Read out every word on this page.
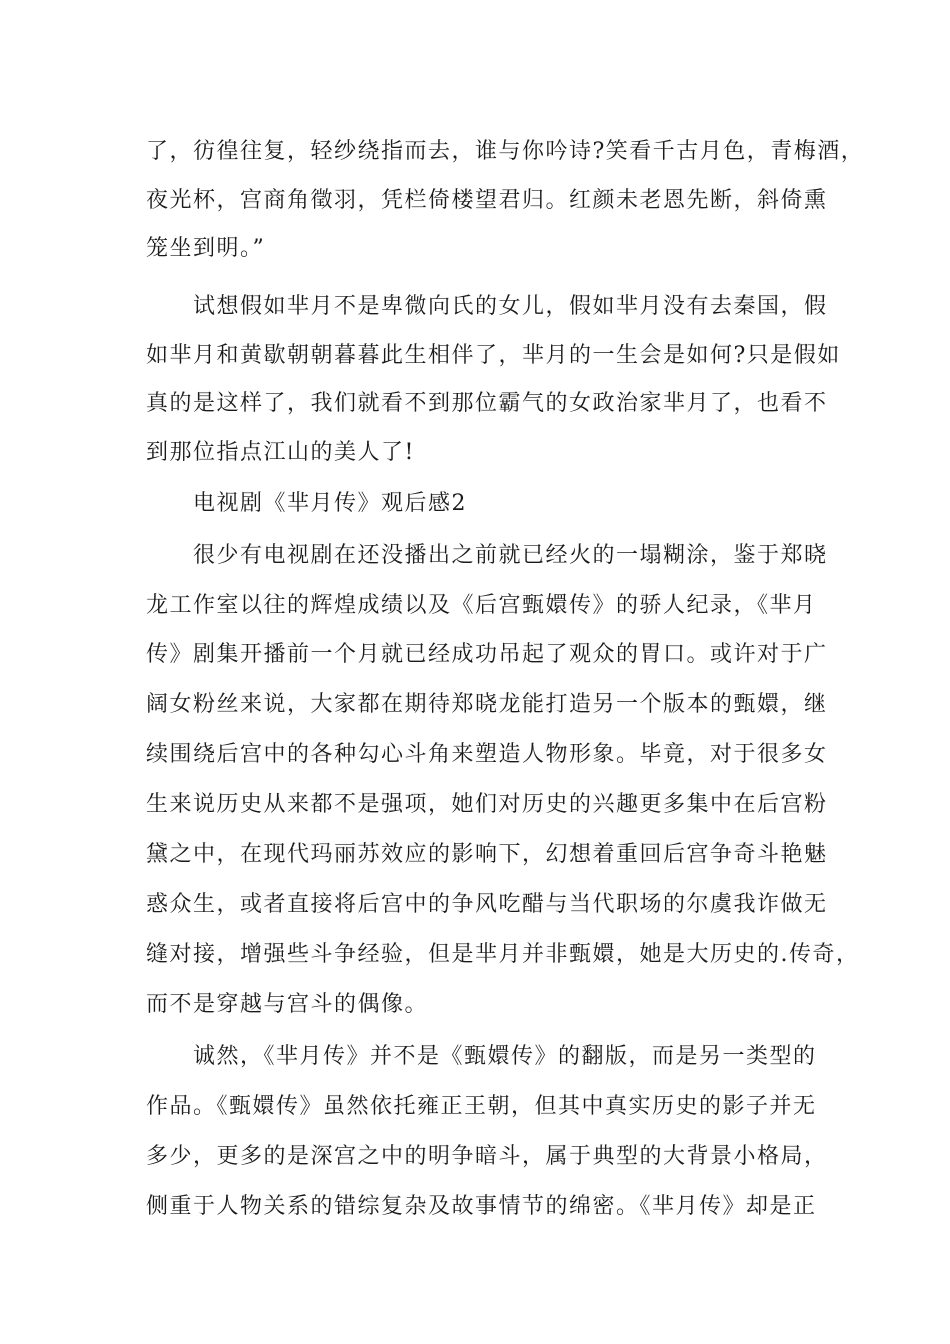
了，彷徨往复，轻纱绕指而去，谁与你吟诗?笑看千古月色，青梅酒，
夜光杯，宫商角徵羽，凭栏倚楼望君归。红颜未老恩先断，斜倚熏
笼坐到明。”
　　试想假如芈月不是卑微向氏的女儿，假如芈月没有去秦国，假
如芈月和黄歇朝朝暮暮此生相伴了，芈月的一生会是如何?只是假如
真的是这样了，我们就看不到那位霸气的女政治家芈月了，也看不
到那位指点江山的美人了!
　　电视剧《芈月传》观后感2
　　很少有电视剧在还没播出之前就已经火的一塌糊涂，鉴于郑晓
龙工作室以往的辉煌成绩以及《后宫甄嬛传》的骄人纪录，《芈月
传》剧集开播前一个月就已经成功吊起了观众的胃口。或许对于广
阔女粉丝来说，大家都在期待郑晓龙能打造另一个版本的甄嬛，继
续围绕后宫中的各种勾心斗角来塑造人物形象。毕竟，对于很多女
生来说历史从来都不是强项，她们对历史的兴趣更多集中在后宫粉
黛之中，在现代玛丽苏效应的影响下，幻想着重回后宫争奇斗艳魅
惑众生，或者直接将后宫中的争风吃醋与当代职场的尔虞我诈做无
缝对接，增强些斗争经验，但是芈月并非甄嬛，她是大历史的.传奇，
而不是穿越与宫斗的偶像。
　　诚然，《芈月传》并不是《甄嬛传》的翻版，而是另一类型的
作品。《甄嬛传》虽然依托雍正王朝，但其中真实历史的影子并无
多少，更多的是深宫之中的明争暗斗，属于典型的大背景小格局，
侧重于人物关系的错综复杂及故事情节的绵密。《芈月传》却是正
